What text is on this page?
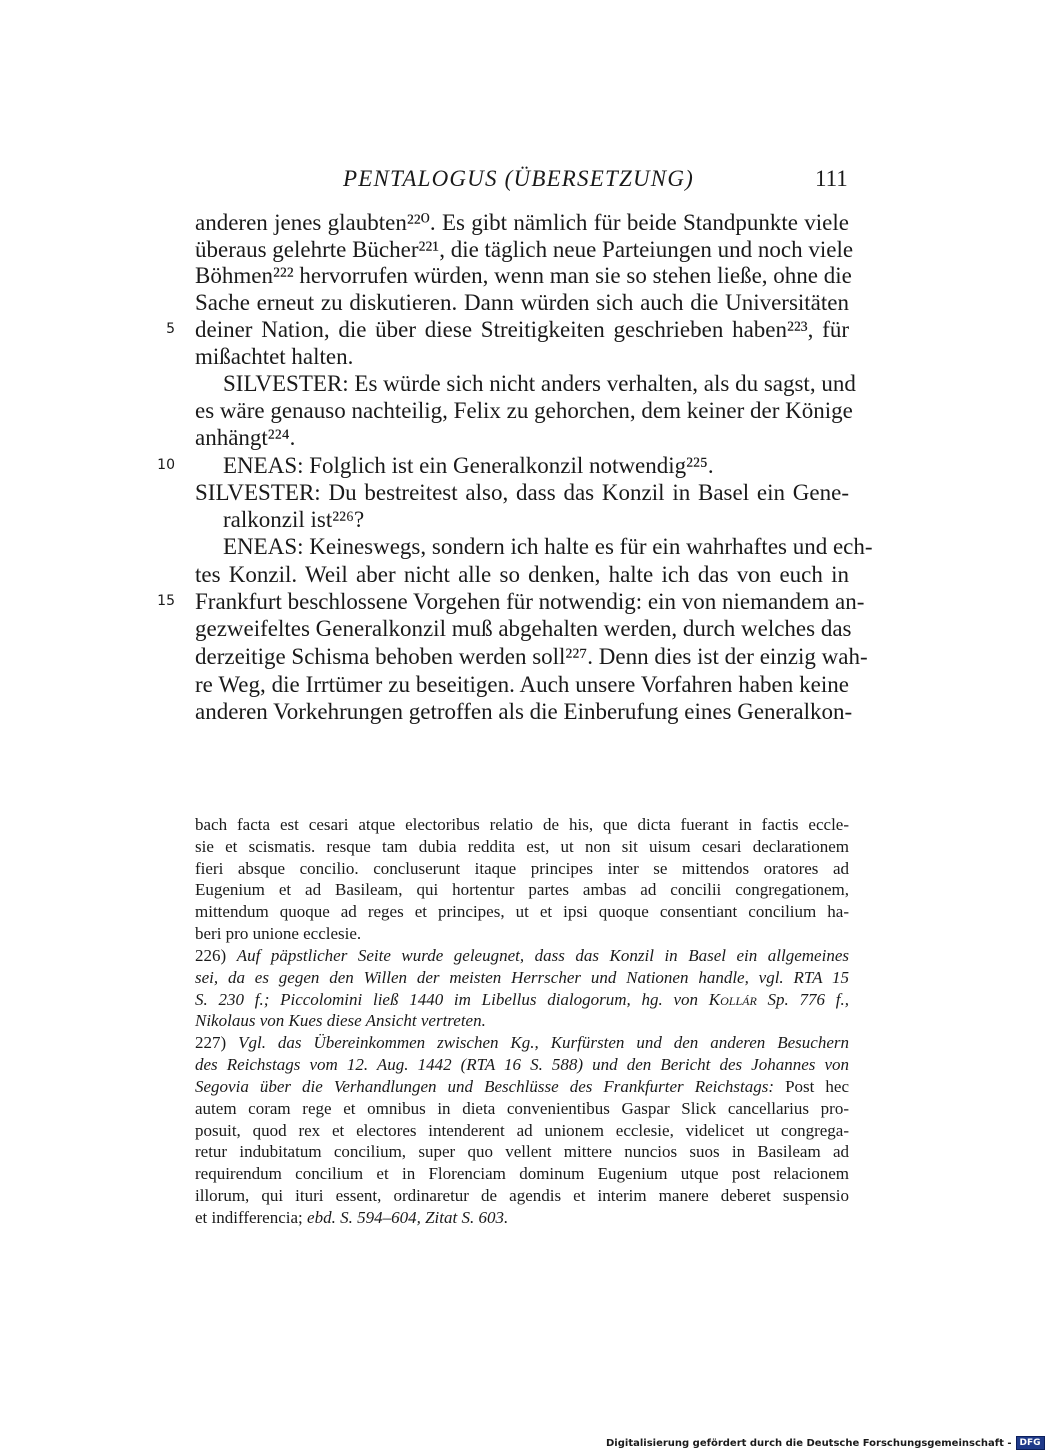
PENTALOGUS (ÜBERSETZUNG)	111
anderen jenes glaubten²²⁰. Es gibt nämlich für beide Standpunkte viele
überaus gelehrte Bücher²²¹, die täglich neue Parteiungen und noch viele
Böhmen²²² hervorrufen würden, wenn man sie so stehen ließe, ohne die
Sache erneut zu diskutieren. Dann würden sich auch die Universitäten
deiner Nation, die über diese Streitigkeiten geschrieben haben²²³, für
5
mißachtet halten.
SILVESTER: Es würde sich nicht anders verhalten, als du sagst, und
es wäre genauso nachteilig, Felix zu gehorchen, dem keiner der Könige
anhängt²²⁴.
ENEAS: Folglich ist ein Generalkonzil notwendig²²⁵.
10
SILVESTER: Du bestreitest also, dass das Konzil in Basel ein Gene-
ralkonzil ist²²⁶?
ENEAS: Keineswegs, sondern ich halte es für ein wahrhaftes und ech-
tes Konzil. Weil aber nicht alle so denken, halte ich das von euch in
Frankfurt beschlossene Vorgehen für notwendig: ein von niemandem an-
15
gezweifeltes Generalkonzil muß abgehalten werden, durch welches das
derzeitige Schisma behoben werden soll²²⁷. Denn dies ist der einzig wah-
re Weg, die Irrtümer zu beseitigen. Auch unsere Vorfahren haben keine
anderen Vorkehrungen getroffen als die Einberufung eines Generalkon-
bach facta est cesari atque electoribus relatio de his, que dicta fuerant in factis eccle-
sie et scismatis. resque tam dubia reddita est, ut non sit uisum cesari declarationem
fieri absque concilio. concluserunt itaque principes inter se mittendos oratores ad
Eugenium et ad Basileam, qui hortentur partes ambas ad concilii congregationem,
mittendum quoque ad reges et principes, ut et ipsi quoque consentiant concilium ha-
beri pro unione ecclesie.
226) Auf päpstlicher Seite wurde geleugnet, dass das Konzil in Basel ein allgemeines
sei, da es gegen den Willen der meisten Herrscher und Nationen handle, vgl. RTA 15
S. 230 f.; Piccolomini ließ 1440 im Libellus dialogorum, hg. von Kollár Sp. 776 f.,
Nikolaus von Kues diese Ansicht vertreten.
227) Vgl. das Übereinkommen zwischen Kg., Kurfürsten und den anderen Besuchern
des Reichstags vom 12. Aug. 1442 (RTA 16 S. 588) und den Bericht des Johannes von
Segovia über die Verhandlungen und Beschlüsse des Frankfurter Reichstags: Post hec
autem coram rege et omnibus in dieta convenientibus Gaspar Slick cancellarius pro-
posuit, quod rex et electores intenderent ad unionem ecclesie, videlicet ut congrega-
retur indubitatum concilium, super quo vellent mittere nuncios suos in Basileam ad
requirendum concilium et in Florenciam dominum Eugenium utque post relacionem
illorum, qui ituri essent, ordinaretur de agendis et interim manere deberet suspensio
et indifferencia; ebd. S. 594–604, Zitat S. 603.
Digitalisierung gefördert durch die Deutsche Forschungsgemeinschaft - DFG
